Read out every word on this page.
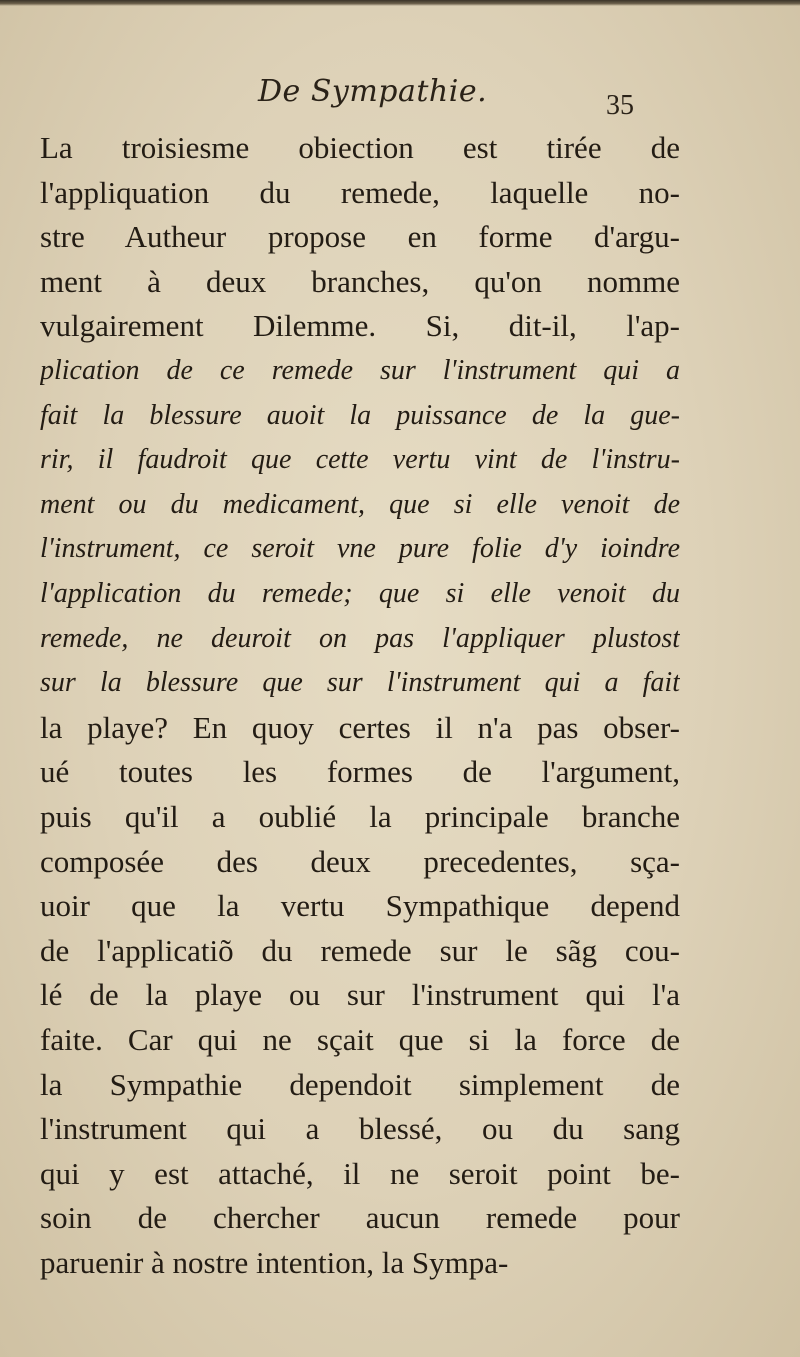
De Sympathie.	35
La troisiesme obiection est tirée de
l'appliquation du remede, laquelle no-
stre Autheur propose en forme d'argu-
ment à deux branches, qu'on nomme
vulgairement Dilemme. Si, dit-il, l'ap-
plication de ce remede sur l'instrument qui a
fait la blessure auoit la puissance de la gue-
rir, il faudroit que cette vertu vint de l'instru-
ment ou du medicament, que si elle venoit de
l'instrument, ce seroit vne pure folie d'y ioindre
l'application du remede; que si elle venoit du
remede, ne deuroit on pas l'appliquer plustost
sur la blessure que sur l'instrument qui a fait
la playe? En quoy certes il n'a pas obser-
ué toutes les formes de l'argument,
puis qu'il a oublié la principale branche
composée des deux precedentes, sça-
uoir que la vertu Sympathique depend
de l'applicatiõ du remede sur le sãg cou-
lé de la playe ou sur l'instrument qui l'a
faite. Car qui ne sçait que si la force de
la Sympathie dependoit simplement de
l'instrument qui a blessé, ou du sang
qui y est attaché, il ne seroit point be-
soin de chercher aucun remede pour
paruenir à nostre intention, la Sympa-
